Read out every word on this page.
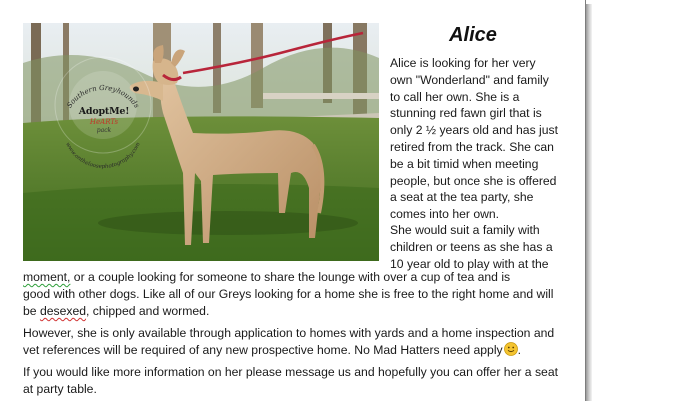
Southern Greyhounds
www.ontheloosephotography.com
AdoptMe!
HeARTs
pack
Alice
Alice is looking for her very
own "Wonderland" and family
to call her own. She is a
stunning red fawn girl that is
only 2 ½ years old and has just
retired from the track. She can
be a bit timid when meeting
people, but once she is offered
a seat at the tea party, she
comes into her own.
She would suit a family with
children or teens as she has a
10 year old to play with at the
moment, or a couple looking for someone to share the lounge with over a cup of tea and is
good with other dogs. Like all of our Greys looking for a home she is free to the right home and will
be desexed, chipped and wormed.
However, she is only available through application to homes with yards and a home inspection and
vet references will be required of any new prospective home. No Mad Hatters need apply .
If you would like more information on her please message us and hopefully you can offer her a seat
at party table.
